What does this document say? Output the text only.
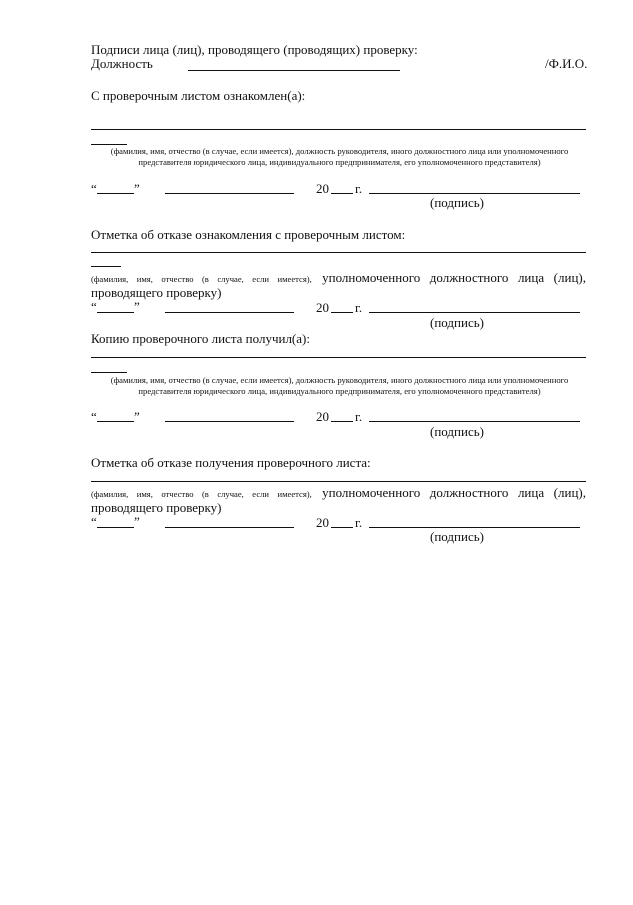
Подписи лица (лиц), проводящего (проводящих) проверку:
Должность	/Ф.И.О.
С проверочным листом ознакомлен(а):
(фамилия, имя, отчество (в случае, если имеется), должность руководителя, иного должностного лица или уполномоченного представителя юридического лица, индивидуального предпринимателя, его уполномоченного представителя)
“	”	20 г.
(подпись)
Отметка об отказе ознакомления с проверочным листом:
(фамилия, имя, отчество (в случае, если имеется), уполномоченного должностного лица (лиц),
проводящего проверку)
“	”	20 г.
(подпись)
Копию проверочного листа получил(а):
(фамилия, имя, отчество (в случае, если имеется), должность руководителя, иного должностного лица или уполномоченного представителя юридического лица, индивидуального предпринимателя, его уполномоченного представителя)
“	”	20 г.
(подпись)
Отметка об отказе получения проверочного листа:
(фамилия, имя, отчество (в случае, если имеется), уполномоченного должностного лица (лиц),
проводящего проверку)
“	”	20 г.
(подпись)
